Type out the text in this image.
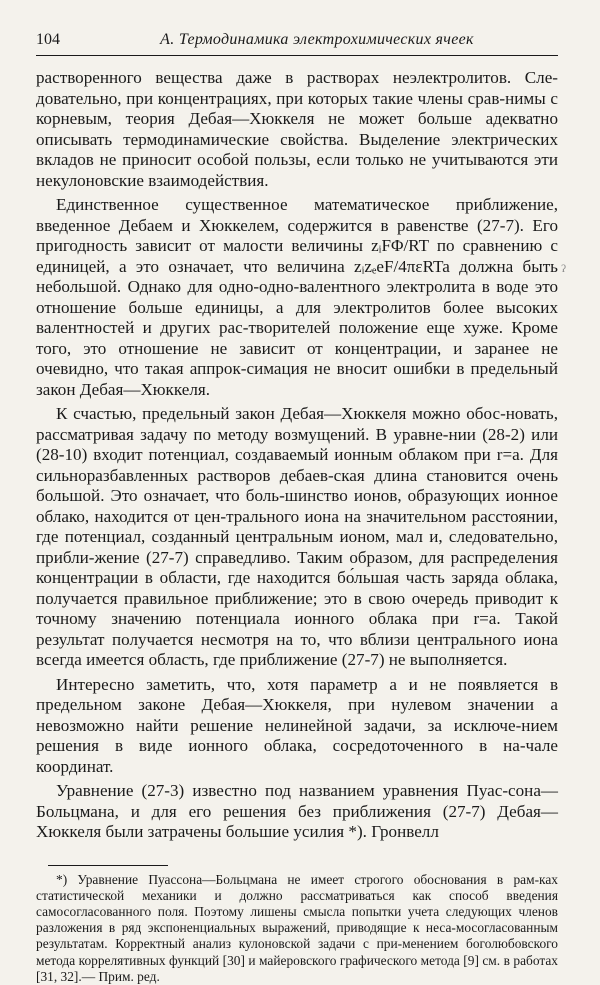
104	А. Термодинамика электрохимических ячеек

растворенного вещества даже в растворах неэлектролитов. Сле-довательно, при концентрациях, при которых такие члены срав-нимы с корневым, теория Дебая—Хюккеля не может больше адекватно описывать термодинамические свойства. Выделение электрических вкладов не приносит особой пользы, если только не учитываются эти некулоновские взаимодействия.

Единственное существенное математическое приближение, введенное Дебаем и Хюккелем, содержится в равенстве (27-7). Его пригодность зависит от малости величины zᵢFΦ/RT по сравнению с единицей, а это означает, что величина zᵢzₑeF/4πεRTa должна быть небольшой. Однако для одно-одно-валентного электролита в воде это отношение больше единицы, а для электролитов более высоких валентностей и других рас-творителей положение еще хуже. Кроме того, это отношение не зависит от концентрации, и заранее не очевидно, что такая аппрок-симация не вносит ошибки в предельный закон Дебая—Хюккеля.

К счастью, предельный закон Дебая—Хюккеля можно обос-новать, рассматривая задачу по методу возмущений. В уравне-нии (28-2) или (28-10) входит потенциал, создаваемый ионным облаком при r=a. Для сильноразбавленных растворов дебаев-ская длина становится очень большой. Это означает, что боль-шинство ионов, образующих ионное облако, находится от цен-трального иона на значительном расстоянии, где потенциал, созданный центральным ионом, мал и, следовательно, прибли-жение (27-7) справедливо. Таким образом, для распределения концентрации в области, где находится бо́льшая часть заряда облака, получается правильное приближение; это в свою очередь приводит к точному значению потенциала ионного облака при r=a. Такой результат получается несмотря на то, что вблизи центрального иона всегда имеется область, где приближение (27-7) не выполняется.

Интересно заметить, что, хотя параметр a и не появляется в предельном законе Дебая—Хюккеля, при нулевом значении a невозможно найти решение нелинейной задачи, за исключе-нием решения в виде ионного облака, сосредоточенного в на-чале координат.

Уравнение (27-3) известно под названием уравнения Пуас-сона—Больцмана, и для его решения без приближения (27-7) Дебая—Хюккеля были затрачены большие усилия *). Гронвелл

*) Уравнение Пуассона—Больцмана не имеет строгого обоснования в рам-ках статистической механики и должно рассматриваться как способ введения самосогласованного поля. Поэтому лишены смысла попытки учета следующих членов разложения в ряд экспоненциальных выражений, приводящие к неса-мосогласованным результатам. Корректный анализ кулоновской задачи с при-менением боголюбовского метода коррелятивных функций [30] и майеровского графического метода [9] см. в работах [31, 32].— Прим. ред.

ʔ
